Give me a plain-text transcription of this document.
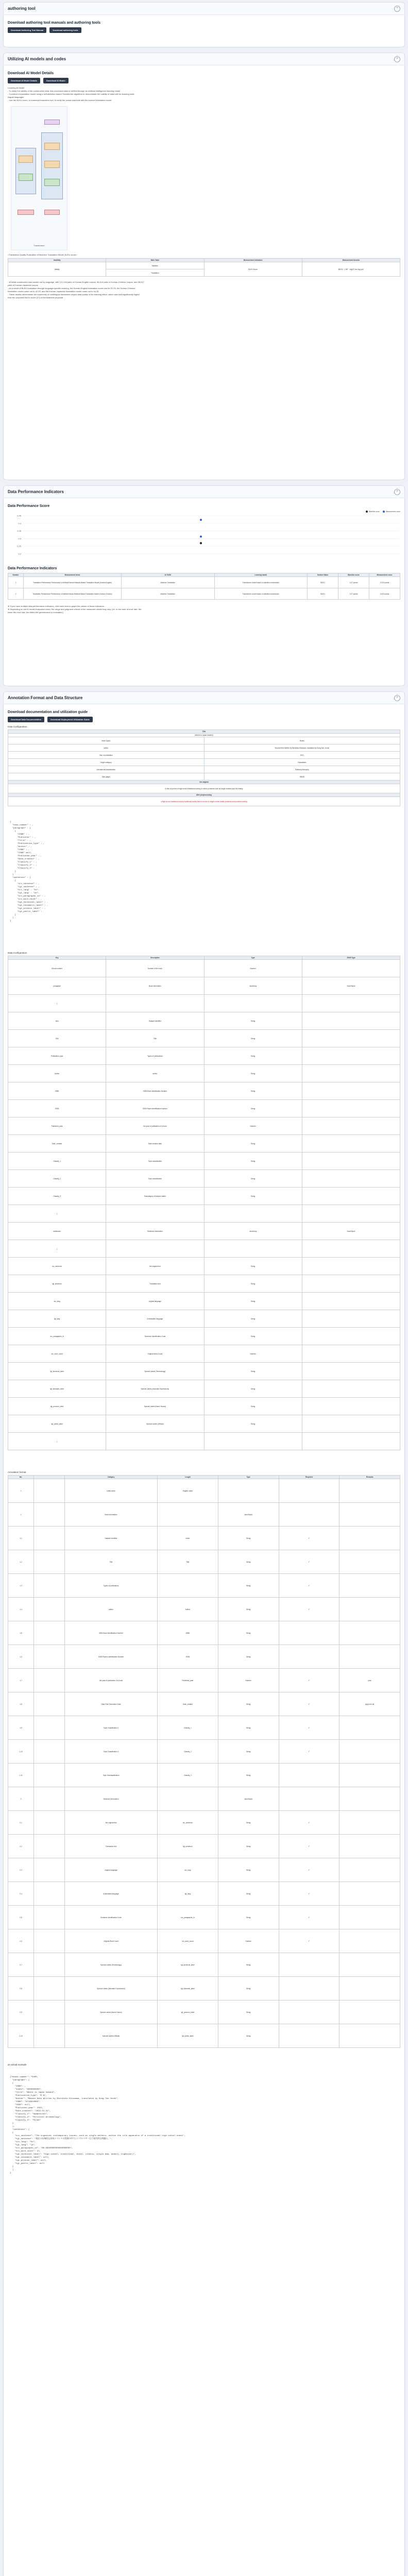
authoring tool	⌃
Download authoring tool manuals and authoring tools
Download Authoring Tool Manual	Download authoring tools
Utilizing AI models and codes	⌃
Download AI Model Details
Download AI Model Details	Download AI Model
Learning AI Model
- To verify the validity of the construction data, this processed data is verified through an artificial intelligence learning model
- Construct a translation model using a self-attention-based Transformer algorithm to demonstrate the validity of data built for learning multi-
lingual languages
- Use the BLEU score, a numerical evaluation tool, to verify the actual data built with the learned translation model
Transformer
<Translation Quality Evaluation of Machine Translation Model_BLEU score>
Invalidity	Main Table	Measurement Indicators	Measurement formula
Validity	Mainline	BLEU Score	BLEU = BP · exp(Σ wn log pn)
	Translation		
- At initial construction was carried out by language, with 121,134 pairs of Korean-English corpus, 96,614 pairs of Korean-Chinese corpus, and 98,017
pairs of Korean-Japanese corpus
- As a result of BLEU evaluation through language-specific learning, the Korean-English translation score can be 31.33, the Korean-Chinese
translation model came out to 42.25, and the Korean-Japanese translation model came out to 44.30
- These results demonstrate the superiority of multilingual translation corpus data quality in the learning effect, which was built significantly higher
than the proposed BLEU score (27) in the business proposal
Data Performance Indicators	⌃
Data Performance Score
Baseline score	Measurement score
0.45
0.4
0.35
0.3
0.25
0.2
Data Performance Indicators
Number	Measurement items	AI TASK	Learning model	Surface Name	Baseline score	Measurement score
1	Translation Performance Performance of Artificial Neural Network-Based Translation Model (Korean-English)	Machine Translation	Transformer model based on attention mechanism	BLEU	0.27 points	0.313 points
2	Translation Performance Performance of Artificial Neural Network-Based Translation Model (Korean-Chinese)	Machine Translation	Transformer model based on attention mechanism	BLEU	0.27 points	0.423 points
※ If you have multiple data performance indicators, click each item to graph the values of those indicators.
※ Depending on the AI model evaluation index, the range and judgment criteria of the measured values may vary. (ex. In the case of error rate, the
lower the error rate, the better the performance is evaluated.)
Annotation Format and Data Structure	⌃
Download documentation and utilization guide
Download Data Documentation	Download Deployment Utilization Guide
Data Configuration
Title	
(Where is Japan headed)	
Book Types	Books
author	Shouta Kiten Writter by Michihiko Kitazawa, translated by Dong-Tae, Jeonk
Year of publication	2021
Target category	Humanities
International classification	Political philosophy
Size (page)	99438
the original	
In the old period of high school traditional society, in which problems such as single mothers and the elderly	
After preprocessing	
a high school traditional society traditional society that is not due to single mother death problems and problems arising	

{
"book_number" : ,
"paragraph" : [
{
"ISBN" : ,
"Publisher" : ,
"Title" : ,
"Publication_type" : ,
"Author" : ,
"ISBN" : ,
"ISBN" mull,
"Published_year" : ,
"Date_created" : ,
"Classify_1" : ,
"Classify_2" : ,
"Classify_3" :
}
]
"sentences" : [
{
"src_sentence" : ,
"tgt_sentence" : ,
"src_lang" : "ko",
"tgt_lang" : "zh",
"src_paragraphs_id" : ,
"src_word_count" : ,
"tgt_technical_label" : ,
"tgt_idiomatic_label" : ,
"tgt_pronoun_label" : ,
"tgt_public_label" :
}
]
}

Data Configuration
Key	Description	Type	JSON Type
Ebook number	Number of the book	Number	
paragraph	Book information	JsonArray	JsonObject
{			
Isbn	Dataset Identifier	String	
Title	Title	String	
Publication_type	Types of publications	String	
Author	author	String	
ISBN	ISBN Book Identification Number	String	
ISSN	ISSN Paper Identification Number	String	
Published_year	the year of publication of a book	Number	
Date_created	Date creation date	String	
Classify_1	Topic classification	String	
Classify_2	Topic classification	String	
Classify_3	Subcategory of subject matter	String	
}			
sentences	Sentence information	JsonArray	JsonObject
{			
src_sentence	the original text	String	
tgt_sentence	Translation text	String	
src_lang	original language	String	
tgt_lang	a translated language	String	
src_paragraphs_id	Sentence Identification Code	String	
src_word_count	Original Word Count	Number	
tgt_technical_label	Special Labels (Terminology)	String	
tgt_idiomatic_label	Special Labels (Idiomatic Expressions)	String	
tgt_pronoun_label	Special Labels (Name Nouns)	String	
tgt_public_label	Special Labels (Official)	String	
}			
Annotation format
No.		Category	Length	Type	Required	Remarks
1		Initial name	English name			
1		Book information		JsonObject		
1-1		Dataset Identifier	Index	String	Y	
1-2		Title	Title	String	Y	
1-3		Types of publications		String	Y	
1-4		author	Author	String	Y	
1-5		ISBN Book Identification Number	ISBN	String		
1-6		ISSN Papers Identification Number	ISSN	String		
1-7		the year of publication of a book	Published_year	Number	Y	year
1-8		Data First Generation Date	Date_created	String	Y	yyyy-mm-dd
1-9		Topic Classification 1	Classify_1	String	Y	
1-10		Topic Classification 2	Classify_2	String	Y	
1-11		Topic Subclassification	Classify_3	String		
2		Sentence information		JsonObject		
2-1		the original text	src_sentence	String	Y	
2-2		Translation text	tgt_sentence	String	Y	
2-3		original language	src_lang	String	Y	
2-4		a translated language	tgt_lang	String	Y	
2-5		Sentence Identification Code	src_paragraphs_id	String	Y	
2-6		Original Word Count	src_word_count	Number	Y	
2-7		Special Labels (Terminology)	tgt_technical_label	String		
2-8		Special Labels (Idiomatic Expressions)	tgt_idiomatic_label	String		
2-9		Special Labels (Name Nouns)	tgt_pronoun_label	String		
2-10		Special Labels (Official)	tgt_public_label	String		
an actual example

{"ebook number": "9405,
"paragraph": [
{
"ISBN": ,
"Index": "0000000000",
"Title": "Where is Japan headed",
"Publication_type": "E-N",
"Author": "Masato Kato Written by Michihiko Kitazawa, translated by Dong-Tae Jeonk",
"ISBN": "9718942865",
"ISSN": null,
"Published_year": 2021,
"Date_created": "2022-01-31",
"Classify_1": "Humanities",
"Classify_2": "Political Archaeology",
"Classify_3": "PolAD"
}
],
"sentences": [
{
"src_sentence": "The organizer contemporary issues, such as single mothers, within the role apparatus of a traditional high school event",
"tgt_sentence": "現在の伝統的な高校イベントの役割の中でシングルマザーなど現代的な問題に。",
"src_lang": "ko",
"tgt_lang": "ja",
"src_paragraphs_id": "B0-09000000000000000000",
"src_word_count": 27,
"tgt_technical_label": "high school, traditional, event, (status, single mom, modern, organizer)",
"tgt_idiomatic_label": null,
"tgt_pronoun_label": null,
"tgt_public_label": null
}
]
}
